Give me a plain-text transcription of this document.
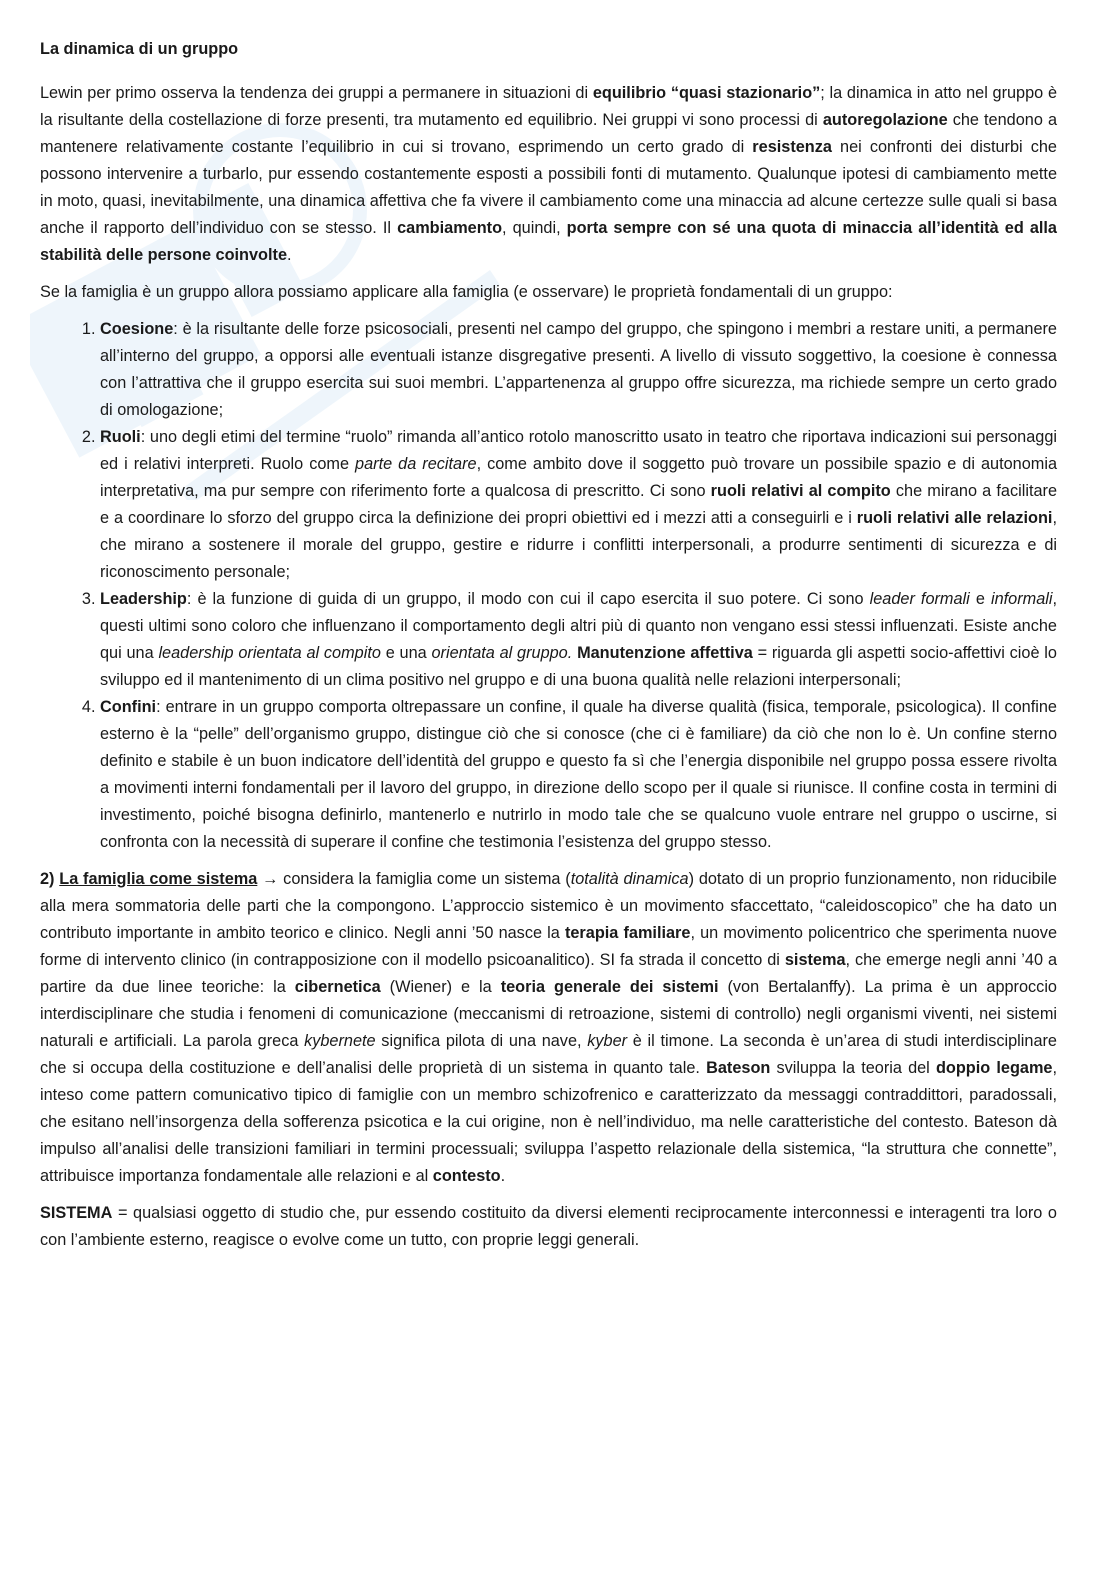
La dinamica di un gruppo

Lewin per primo osserva la tendenza dei gruppi a permanere in situazioni di equilibrio “quasi stazionario”; la dinamica in atto nel gruppo è la risultante della costellazione di forze presenti, tra mutamento ed equilibrio. Nei gruppi vi sono processi di autoregolazione che tendono a mantenere relativamente costante l’equilibrio in cui si trovano, esprimendo un certo grado di resistenza nei confronti dei disturbi che possono intervenire a turbarlo, pur essendo costantemente esposti a possibili fonti di mutamento. Qualunque ipotesi di cambiamento mette in moto, quasi, inevitabilmente, una dinamica affettiva che fa vivere il cambiamento come una minaccia ad alcune certezze sulle quali si basa anche il rapporto dell’individuo con se stesso. Il cambiamento, quindi, porta sempre con sé una quota di minaccia all’identità ed alla stabilità delle persone coinvolte.

Se la famiglia è un gruppo allora possiamo applicare alla famiglia (e osservare) le proprietà fondamentali di un gruppo:

1. Coesione: è la risultante delle forze psicosociali, presenti nel campo del gruppo, che spingono i membri a restare uniti, a permanere all’interno del gruppo, a opporsi alle eventuali istanze disgregative presenti. A livello di vissuto soggettivo, la coesione è connessa con l’attrattiva che il gruppo esercita sui suoi membri. L’appartenenza al gruppo offre sicurezza, ma richiede sempre un certo grado di omologazione;
2. Ruoli: uno degli etimi del termine “ruolo” rimanda all’antico rotolo manoscritto usato in teatro che riportava indicazioni sui personaggi ed i relativi interpreti. Ruolo come parte da recitare, come ambito dove il soggetto può trovare un possibile spazio e di autonomia interpretativa, ma pur sempre con riferimento forte a qualcosa di prescritto. Ci sono ruoli relativi al compito che mirano a facilitare e a coordinare lo sforzo del gruppo circa la definizione dei propri obiettivi ed i mezzi atti a conseguirli e i ruoli relativi alle relazioni, che mirano a sostenere il morale del gruppo, gestire e ridurre i conflitti interpersonali, a produrre sentimenti di sicurezza e di riconoscimento personale;
3. Leadership: è la funzione di guida di un gruppo, il modo con cui il capo esercita il suo potere. Ci sono leader formali e informali, questi ultimi sono coloro che influenzano il comportamento degli altri più di quanto non vengano essi stessi influenzati. Esiste anche qui una leadership orientata al compito e una orientata al gruppo. Manutenzione affettiva = riguarda gli aspetti socio-affettivi cioè lo sviluppo ed il mantenimento di un clima positivo nel gruppo e di una buona qualità nelle relazioni interpersonali;
4. Confini: entrare in un gruppo comporta oltrepassare un confine, il quale ha diverse qualità (fisica, temporale, psicologica). Il confine esterno è la “pelle” dell’organismo gruppo, distingue ciò che si conosce (che ci è familiare) da ciò che non lo è. Un confine sterno definito e stabile è un buon indicatore dell’identità del gruppo e questo fa sì che l’energia disponibile nel gruppo possa essere rivolta a movimenti interni fondamentali per il lavoro del gruppo, in direzione dello scopo per il quale si riunisce. Il confine costa in termini di investimento, poiché bisogna definirlo, mantenerlo e nutrirlo in modo tale che se qualcuno vuole entrare nel gruppo o uscirne, si confronta con la necessità di superare il confine che testimonia l’esistenza del gruppo stesso.

2) La famiglia come sistema → considera la famiglia come un sistema (totalità dinamica) dotato di un proprio funzionamento, non riducibile alla mera sommatoria delle parti che la compongono. L’approccio sistemico è un movimento sfaccettato, “caleidoscopico” che ha dato un contributo importante in ambito teorico e clinico. Negli anni ’50 nasce la terapia familiare, un movimento policentrico che sperimenta nuove forme di intervento clinico (in contrapposizione con il modello psicoanalitico). SI fa strada il concetto di sistema, che emerge negli anni ’40 a partire da due linee teoriche: la cibernetica (Wiener) e la teoria generale dei sistemi (von Bertalanffy). La prima è un approccio interdisciplinare che studia i fenomeni di comunicazione (meccanismi di retroazione, sistemi di controllo) negli organismi viventi, nei sistemi naturali e artificiali. La parola greca kybernete significa pilota di una nave, kyber è il timone. La seconda è un’area di studi interdisciplinare che si occupa della costituzione e dell’analisi delle proprietà di un sistema in quanto tale. Bateson sviluppa la teoria del doppio legame, inteso come pattern comunicativo tipico di famiglie con un membro schizofrenico e caratterizzato da messaggi contraddittori, paradossali, che esitano nell’insorgenza della sofferenza psicotica e la cui origine, non è nell’individuo, ma nelle caratteristiche del contesto. Bateson dà impulso all’analisi delle transizioni familiari in termini processuali; sviluppa l’aspetto relazionale della sistemica, “la struttura che connette”, attribuisce importanza fondamentale alle relazioni e al contesto.

SISTEMA = qualsiasi oggetto di studio che, pur essendo costituito da diversi elementi reciprocamente interconnessi e interagenti tra loro o con l’ambiente esterno, reagisce o evolve come un tutto, con proprie leggi generali.
